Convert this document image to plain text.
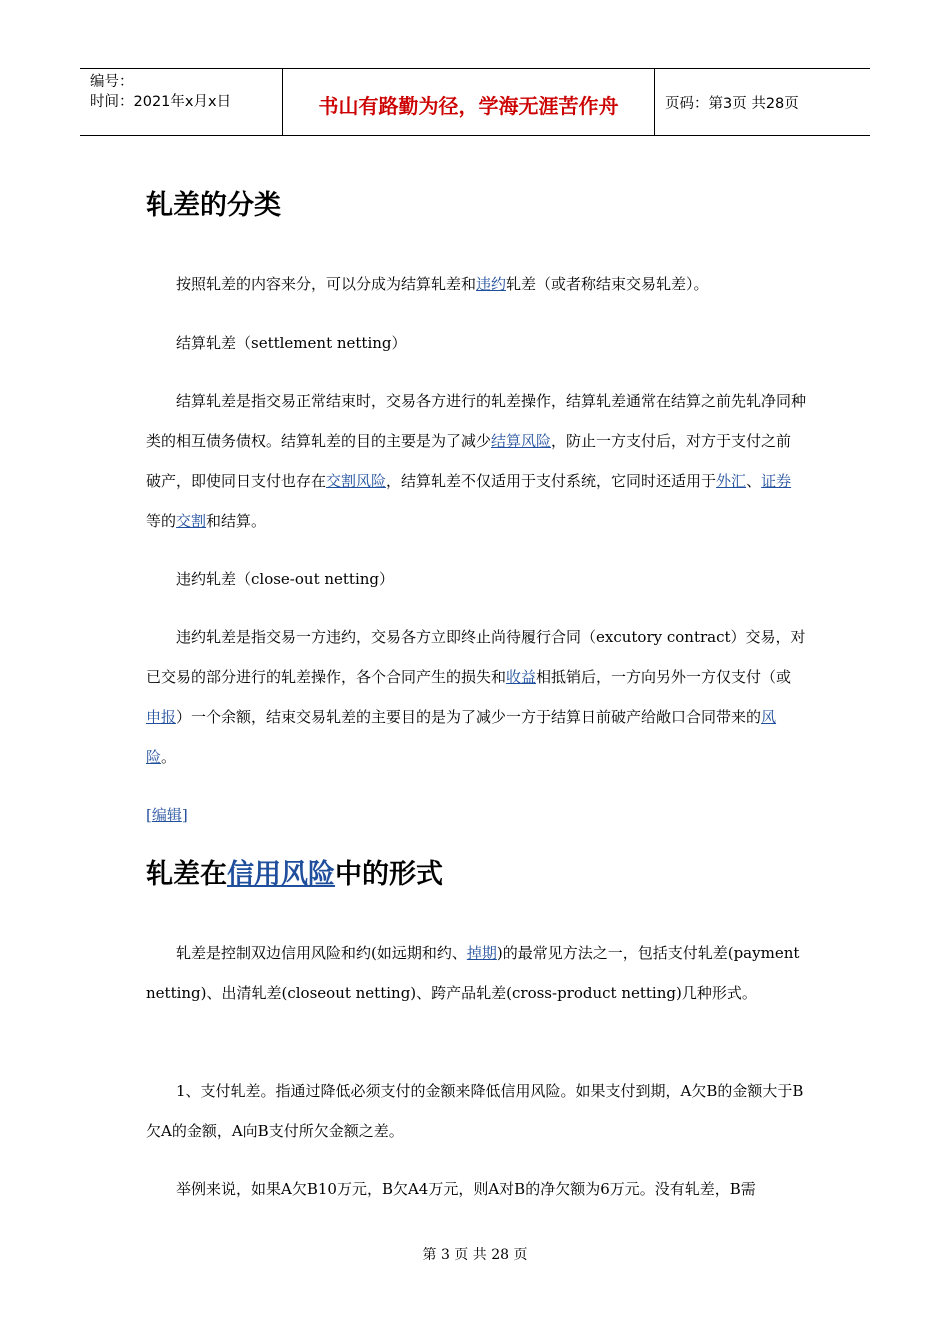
编号：
时间：2021年x月x日	书山有路勤为径，学海无涯苦作舟	页码：第3页 共28页
轧差的分类

按照轧差的内容来分，可以分成为结算轧差和违约轧差（或者称结束交易轧差）。

结算轧差（settlement netting）

结算轧差是指交易正常结束时，交易各方进行的轧差操作，结算轧差通常在结算之前先轧净同种类的相互债务债权。结算轧差的目的主要是为了减少结算风险，防止一方支付后，对方于支付之前破产，即使同日支付也存在交割风险，结算轧差不仅适用于支付系统，它同时还适用于外汇、证券等的交割和结算。

违约轧差（close-out netting）

违约轧差是指交易一方违约，交易各方立即终止尚待履行合同（excutory contract）交易，对已交易的部分进行的轧差操作，各个合同产生的损失和收益相抵销后，一方向另外一方仅支付（或申报）一个余额，结束交易轧差的主要目的是为了减少一方于结算日前破产给敞口合同带来的风险。

[编辑]
轧差在信用风险中的形式

轧差是控制双边信用风险和约(如远期和约、掉期)的最常见方法之一，包括支付轧差(payment netting)、出清轧差(closeout netting)、跨产品轧差(cross-product netting)几种形式。

1、支付轧差。指通过降低必须支付的金额来降低信用风险。如果支付到期，A欠B的金额大于B欠A的金额，A向B支付所欠金额之差。

举例来说，如果A欠B10万元，B欠A4万元，则A对B的净欠额为6万元。没有轧差，B需

第 3 页 共 28 页
